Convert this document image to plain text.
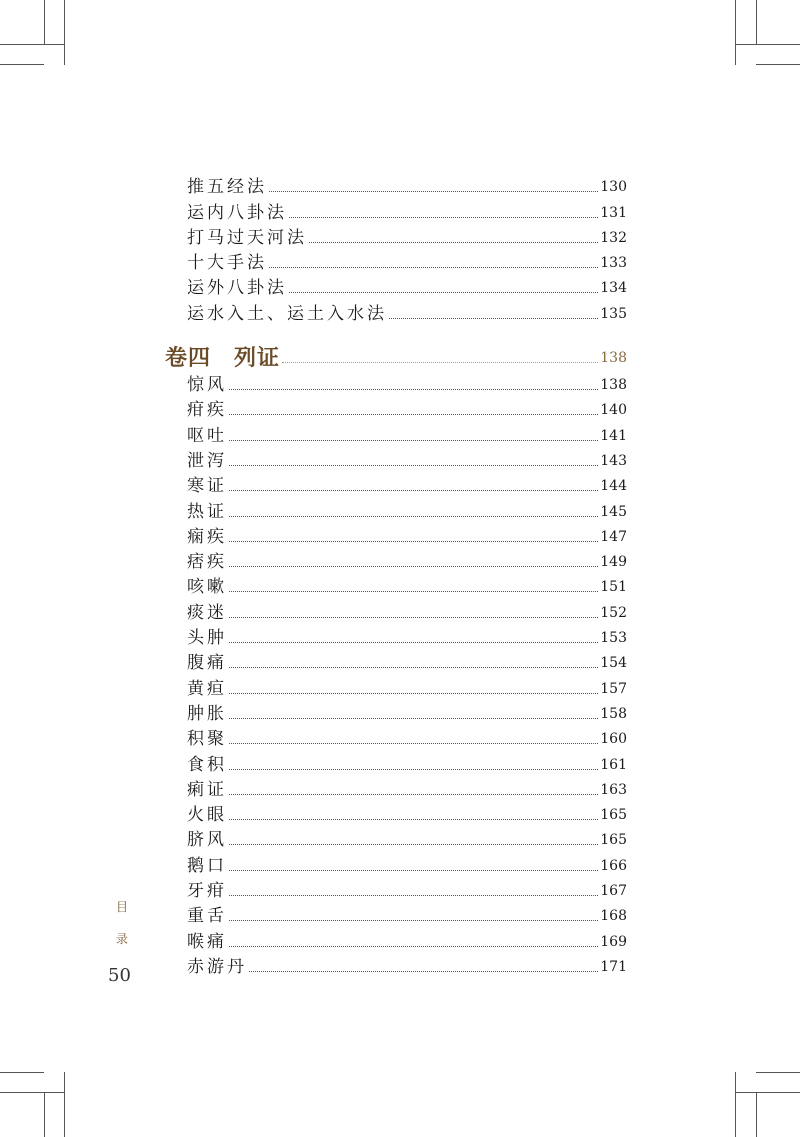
推五经法	130
运内八卦法	131
打马过天河法	132
十大手法	133
运外八卦法	134
运水入土、运土入水法	135
卷四　列证	138
惊风	138
疳疾	140
呕吐	141
泄泻	143
寒证	144
热证	145
痫疾	147
痞疾	149
咳嗽	151
痰迷	152
头肿	153
腹痛	154
黄疸	157
肿胀	158
积聚	160
食积	161
痢证	163
火眼	165
脐风	165
鹅口	166
牙疳	167
重舌	168
喉痛	169
赤游丹	171
目
录
50
